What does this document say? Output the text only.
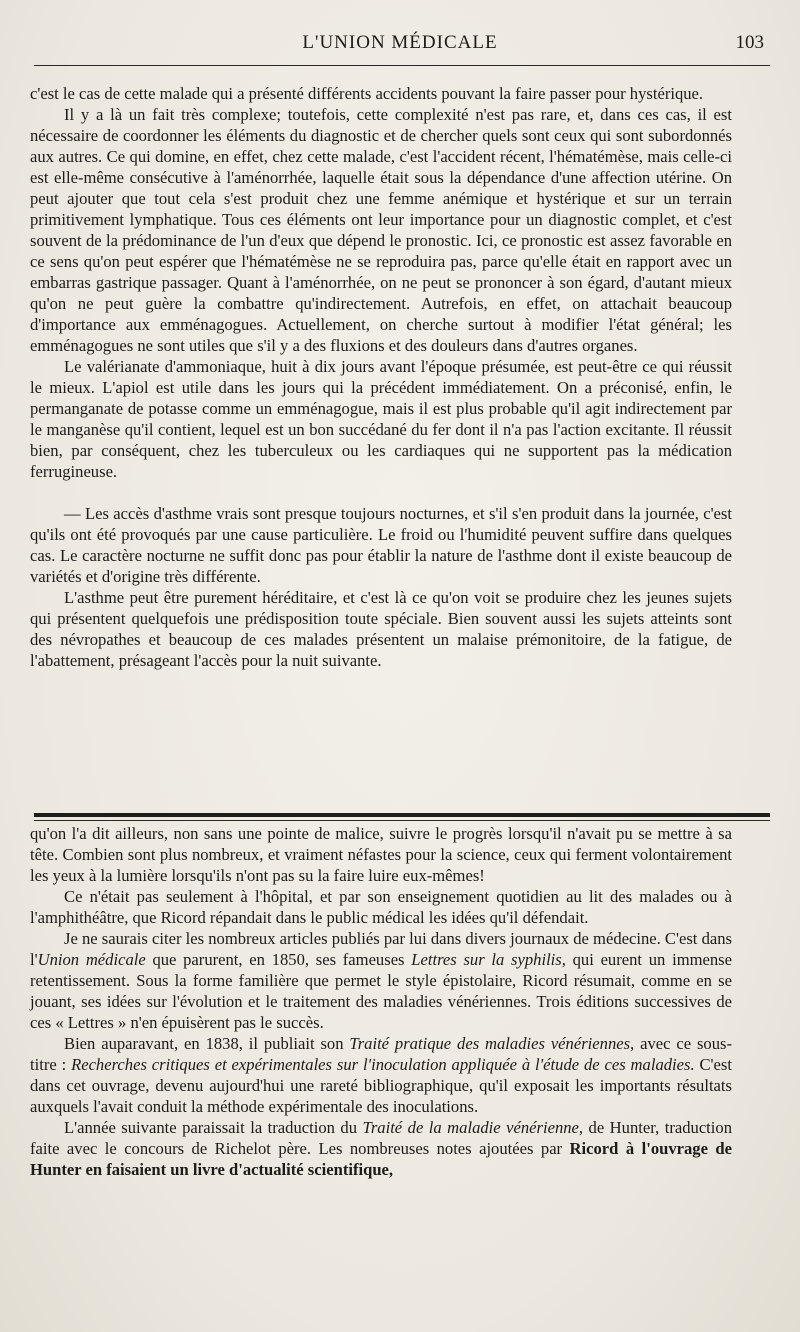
L'UNION MÉDICALE	103

c'est le cas de cette malade qui a présenté différents accidents pouvant la faire passer pour hystérique.

Il y a là un fait très complexe; toutefois, cette complexité n'est pas rare, et, dans ces cas, il est nécessaire de coordonner les éléments du diagnostic et de chercher quels sont ceux qui sont subordonnés aux autres. Ce qui domine, en effet, chez cette malade, c'est l'accident récent, l'hématémèse, mais celle-ci est elle-même consécutive à l'aménorrhée, laquelle était sous la dépendance d'une affection utérine. On peut ajouter que tout cela s'est produit chez une femme anémique et hystérique et sur un terrain primitivement lymphatique. Tous ces éléments ont leur importance pour un diagnostic complet, et c'est souvent de la prédominance de l'un d'eux que dépend le pronostic. Ici, ce pronostic est assez favorable en ce sens qu'on peut espérer que l'hématémèse ne se reproduira pas, parce qu'elle était en rapport avec un embarras gastrique passager. Quant à l'aménorrhée, on ne peut se prononcer à son égard, d'autant mieux qu'on ne peut guère la combattre qu'indirectement. Autrefois, en effet, on attachait beaucoup d'importance aux emménagogues. Actuellement, on cherche surtout à modifier l'état général; les emménagogues ne sont utiles que s'il y a des fluxions et des douleurs dans d'autres organes.

Le valérianate d'ammoniaque, huit à dix jours avant l'époque présumée, est peut-être ce qui réussit le mieux. L'apiol est utile dans les jours qui la précédent immédiatement. On a préconisé, enfin, le permanganate de potasse comme un emménagogue, mais il est plus probable qu'il agit indirectement par le manganèse qu'il contient, lequel est un bon succédané du fer dont il n'a pas l'action excitante. Il réussit bien, par conséquent, chez les tuberculeux ou les cardiaques qui ne supportent pas la médication ferrugineuse.

— Les accès d'asthme vrais sont presque toujours nocturnes, et s'il s'en produit dans la journée, c'est qu'ils ont été provoqués par une cause particulière. Le froid ou l'humidité peuvent suffire dans quelques cas. Le caractère nocturne ne suffit donc pas pour établir la nature de l'asthme dont il existe beaucoup de variétés et d'origine très différente.

L'asthme peut être purement héréditaire, et c'est là ce qu'on voit se produire chez les jeunes sujets qui présentent quelquefois une prédisposition toute spéciale. Bien souvent aussi les sujets atteints sont des névropathes et beaucoup de ces malades présentent un malaise prémonitoire, de la fatigue, de l'abattement, présageant l'accès pour la nuit suivante.

qu'on l'a dit ailleurs, non sans une pointe de malice, suivre le progrès lorsqu'il n'avait pu se mettre à sa tête. Combien sont plus nombreux, et vraiment néfastes pour la science, ceux qui ferment volontairement les yeux à la lumière lorsqu'ils n'ont pas su la faire luire eux-mêmes!

Ce n'était pas seulement à l'hôpital, et par son enseignement quotidien au lit des malades ou à l'amphithéâtre, que Ricord répandait dans le public médical les idées qu'il défendait.

Je ne saurais citer les nombreux articles publiés par lui dans divers journaux de médecine. C'est dans l'Union médicale que parurent, en 1850, ses fameuses Lettres sur la syphilis, qui eurent un immense retentissement. Sous la forme familière que permet le style épistolaire, Ricord résumait, comme en se jouant, ses idées sur l'évolution et le traitement des maladies vénériennes. Trois éditions successives de ces « Lettres » n'en épuisèrent pas le succès.

Bien auparavant, en 1838, il publiait son Traité pratique des maladies vénériennes, avec ce sous-titre : Recherches critiques et expérimentales sur l'inoculation appliquée à l'étude de ces maladies. C'est dans cet ouvrage, devenu aujourd'hui une rareté bibliographique, qu'il exposait les importants résultats auxquels l'avait conduit la méthode expérimentale des inoculations.

L'année suivante paraissait la traduction du Traité de la maladie vénérienne, de Hunter, traduction faite avec le concours de Richelot père. Les nombreuses notes ajoutées par Ricord à l'ouvrage de Hunter en faisaient un livre d'actualité scientifique,
